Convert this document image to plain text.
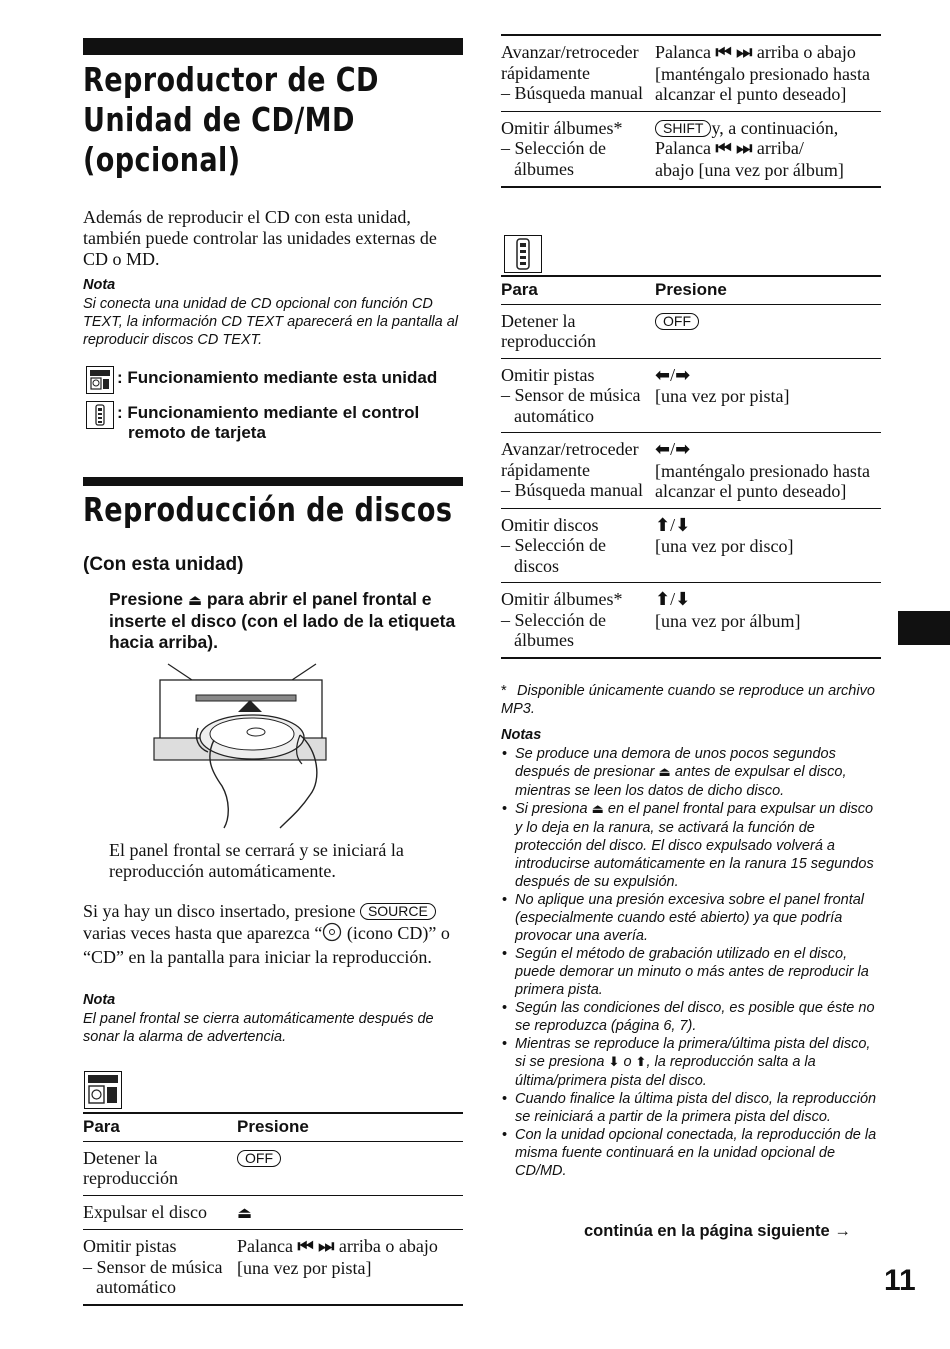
Reproductor de CD
Unidad de CD/MD
(opcional)
Además de reproducir el CD con esta unidad, también puede controlar las unidades externas de CD o MD.
Nota
Si conecta una unidad de CD opcional con función CD TEXT, la información CD TEXT aparecerá en la pantalla al reproducir discos CD TEXT.
: Funcionamiento mediante esta unidad
: Funcionamiento mediante el control remoto de tarjeta
Reproducción de discos
(Con esta unidad)
Presione ⏏ para abrir el panel frontal e inserte el disco (con el lado de la etiqueta hacia arriba).
El panel frontal se cerrará y se iniciará la reproducción automáticamente.
Si ya hay un disco insertado, presione SOURCE varias veces hasta que aparezca “ (icono CD)” o “CD” en la pantalla para iniciar la reproducción.
Nota
El panel frontal se cierra automáticamente después de sonar la alarma de advertencia.
Para	Presione
Detener la reproducción	OFF
Expulsar el disco	⏏
Omitir pistas
– Sensor de música automático	Palanca ⏮ ⏭ arriba o abajo
[una vez por pista]
Avanzar/retroceder rápidamente
– Búsqueda manual	Palanca ⏮ ⏭ arriba o abajo [manténgalo presionado hasta alcanzar el punto deseado]
Omitir álbumes*
– Selección de álbumes	SHIFT y, a continuación,
Palanca ⏮ ⏭ arriba/
abajo [una vez por álbum]
Para	Presione
Detener la reproducción	OFF
Omitir pistas
– Sensor de música automático	⬅/➡
[una vez por pista]
Avanzar/retroceder rápidamente
– Búsqueda manual	⬅/➡
[manténgalo presionado hasta alcanzar el punto deseado]
Omitir discos
– Selección de discos	⬆/⬇
[una vez por disco]
Omitir álbumes*
– Selección de álbumes	⬆/⬇
[una vez por álbum]
* Disponible únicamente cuando se reproduce un archivo MP3.
Notas
• Se produce una demora de unos pocos segundos después de presionar ⏏ antes de expulsar el disco, mientras se leen los datos de dicho disco.
• Si presiona ⏏ en el panel frontal para expulsar un disco y lo deja en la ranura, se activará la función de protección del disco. El disco expulsado volverá a introducirse automáticamente en la ranura 15 segundos después de su expulsión.
• No aplique una presión excesiva sobre el panel frontal (especialmente cuando esté abierto) ya que podría provocar una avería.
• Según el método de grabación utilizado en el disco, puede demorar un minuto o más antes de reproducir la primera pista.
• Según las condiciones del disco, es posible que éste no se reproduzca (página 6, 7).
• Mientras se reproduce la primera/última pista del disco, si se presiona ⬇ o ⬆, la reproducción salta a la última/primera pista del disco.
• Cuando finalice la última pista del disco, la reproducción se reiniciará a partir de la primera pista del disco.
• Con la unidad opcional conectada, la reproducción de la misma fuente continuará en la unidad opcional de CD/MD.
continúa en la página siguiente →
11
